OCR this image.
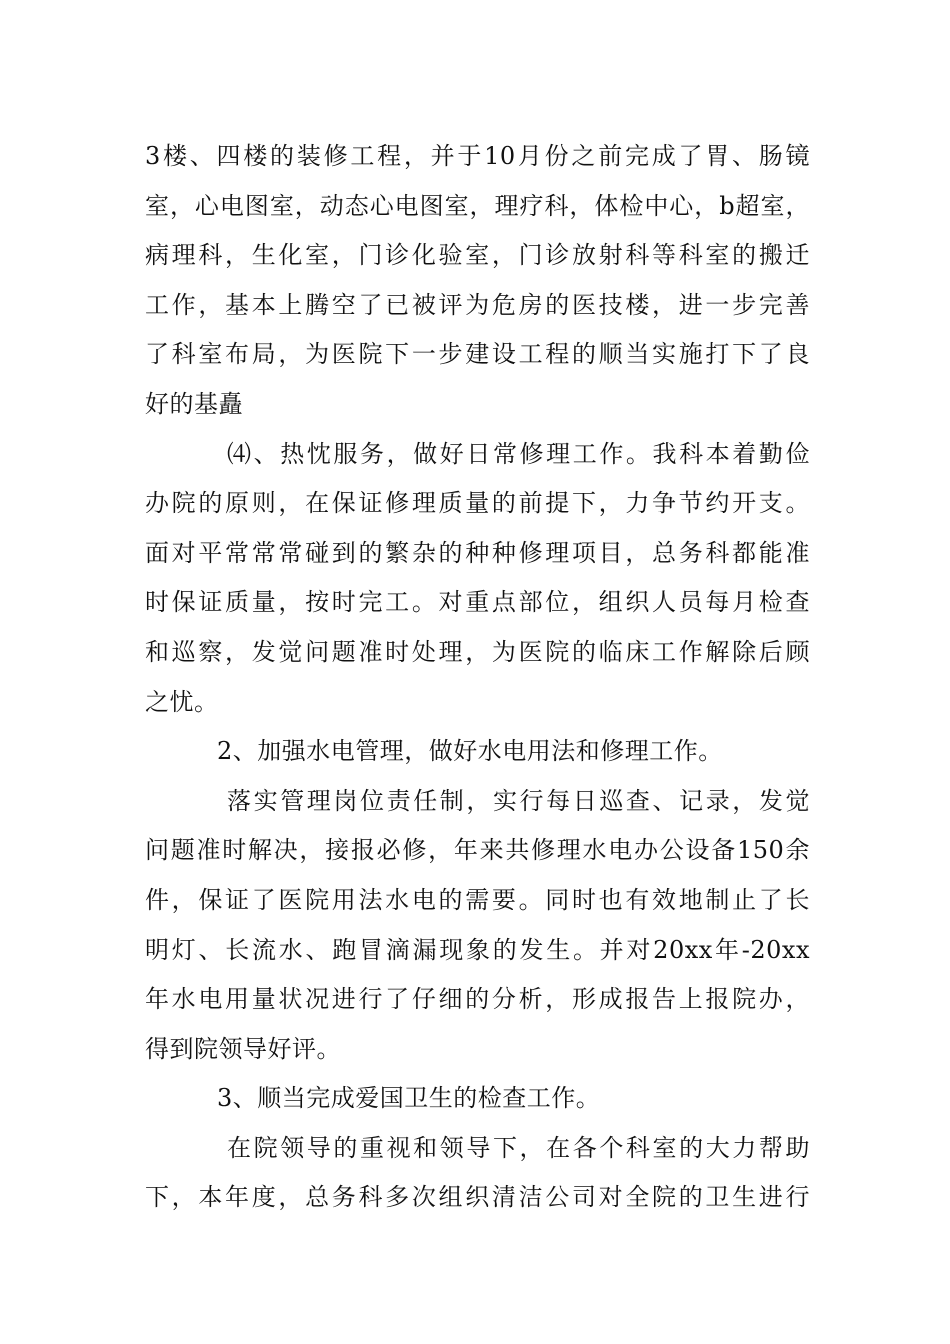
3楼、四楼的装修工程，并于10月份之前完成了胃、肠镜
室，心电图室，动态心电图室，理疗科，体检中心，b超室，
病理科，生化室，门诊化验室，门诊放射科等科室的搬迁
工作，基本上腾空了已被评为危房的医技楼，进一步完善
了科室布局，为医院下一步建设工程的顺当实施打下了良
好的基矗
⑷、热忱服务，做好日常修理工作。我科本着勤俭
办院的原则，在保证修理质量的前提下，力争节约开支。
面对平常常常碰到的繁杂的种种修理项目，总务科都能准
时保证质量，按时完工。对重点部位，组织人员每月检查
和巡察，发觉问题准时处理，为医院的临床工作解除后顾
之忧。
2、加强水电管理，做好水电用法和修理工作。
落实管理岗位责任制，实行每日巡查、记录，发觉
问题准时解决，接报必修，年来共修理水电办公设备150余
件，保证了医院用法水电的需要。同时也有效地制止了长
明灯、长流水、跑冒滴漏现象的发生。并对20xx年-20xx
年水电用量状况进行了仔细的分析，形成报告上报院办，
得到院领导好评。
3、顺当完成爱国卫生的检查工作。
在院领导的重视和领导下，在各个科室的大力帮助
下，本年度，总务科多次组织清洁公司对全院的卫生进行
